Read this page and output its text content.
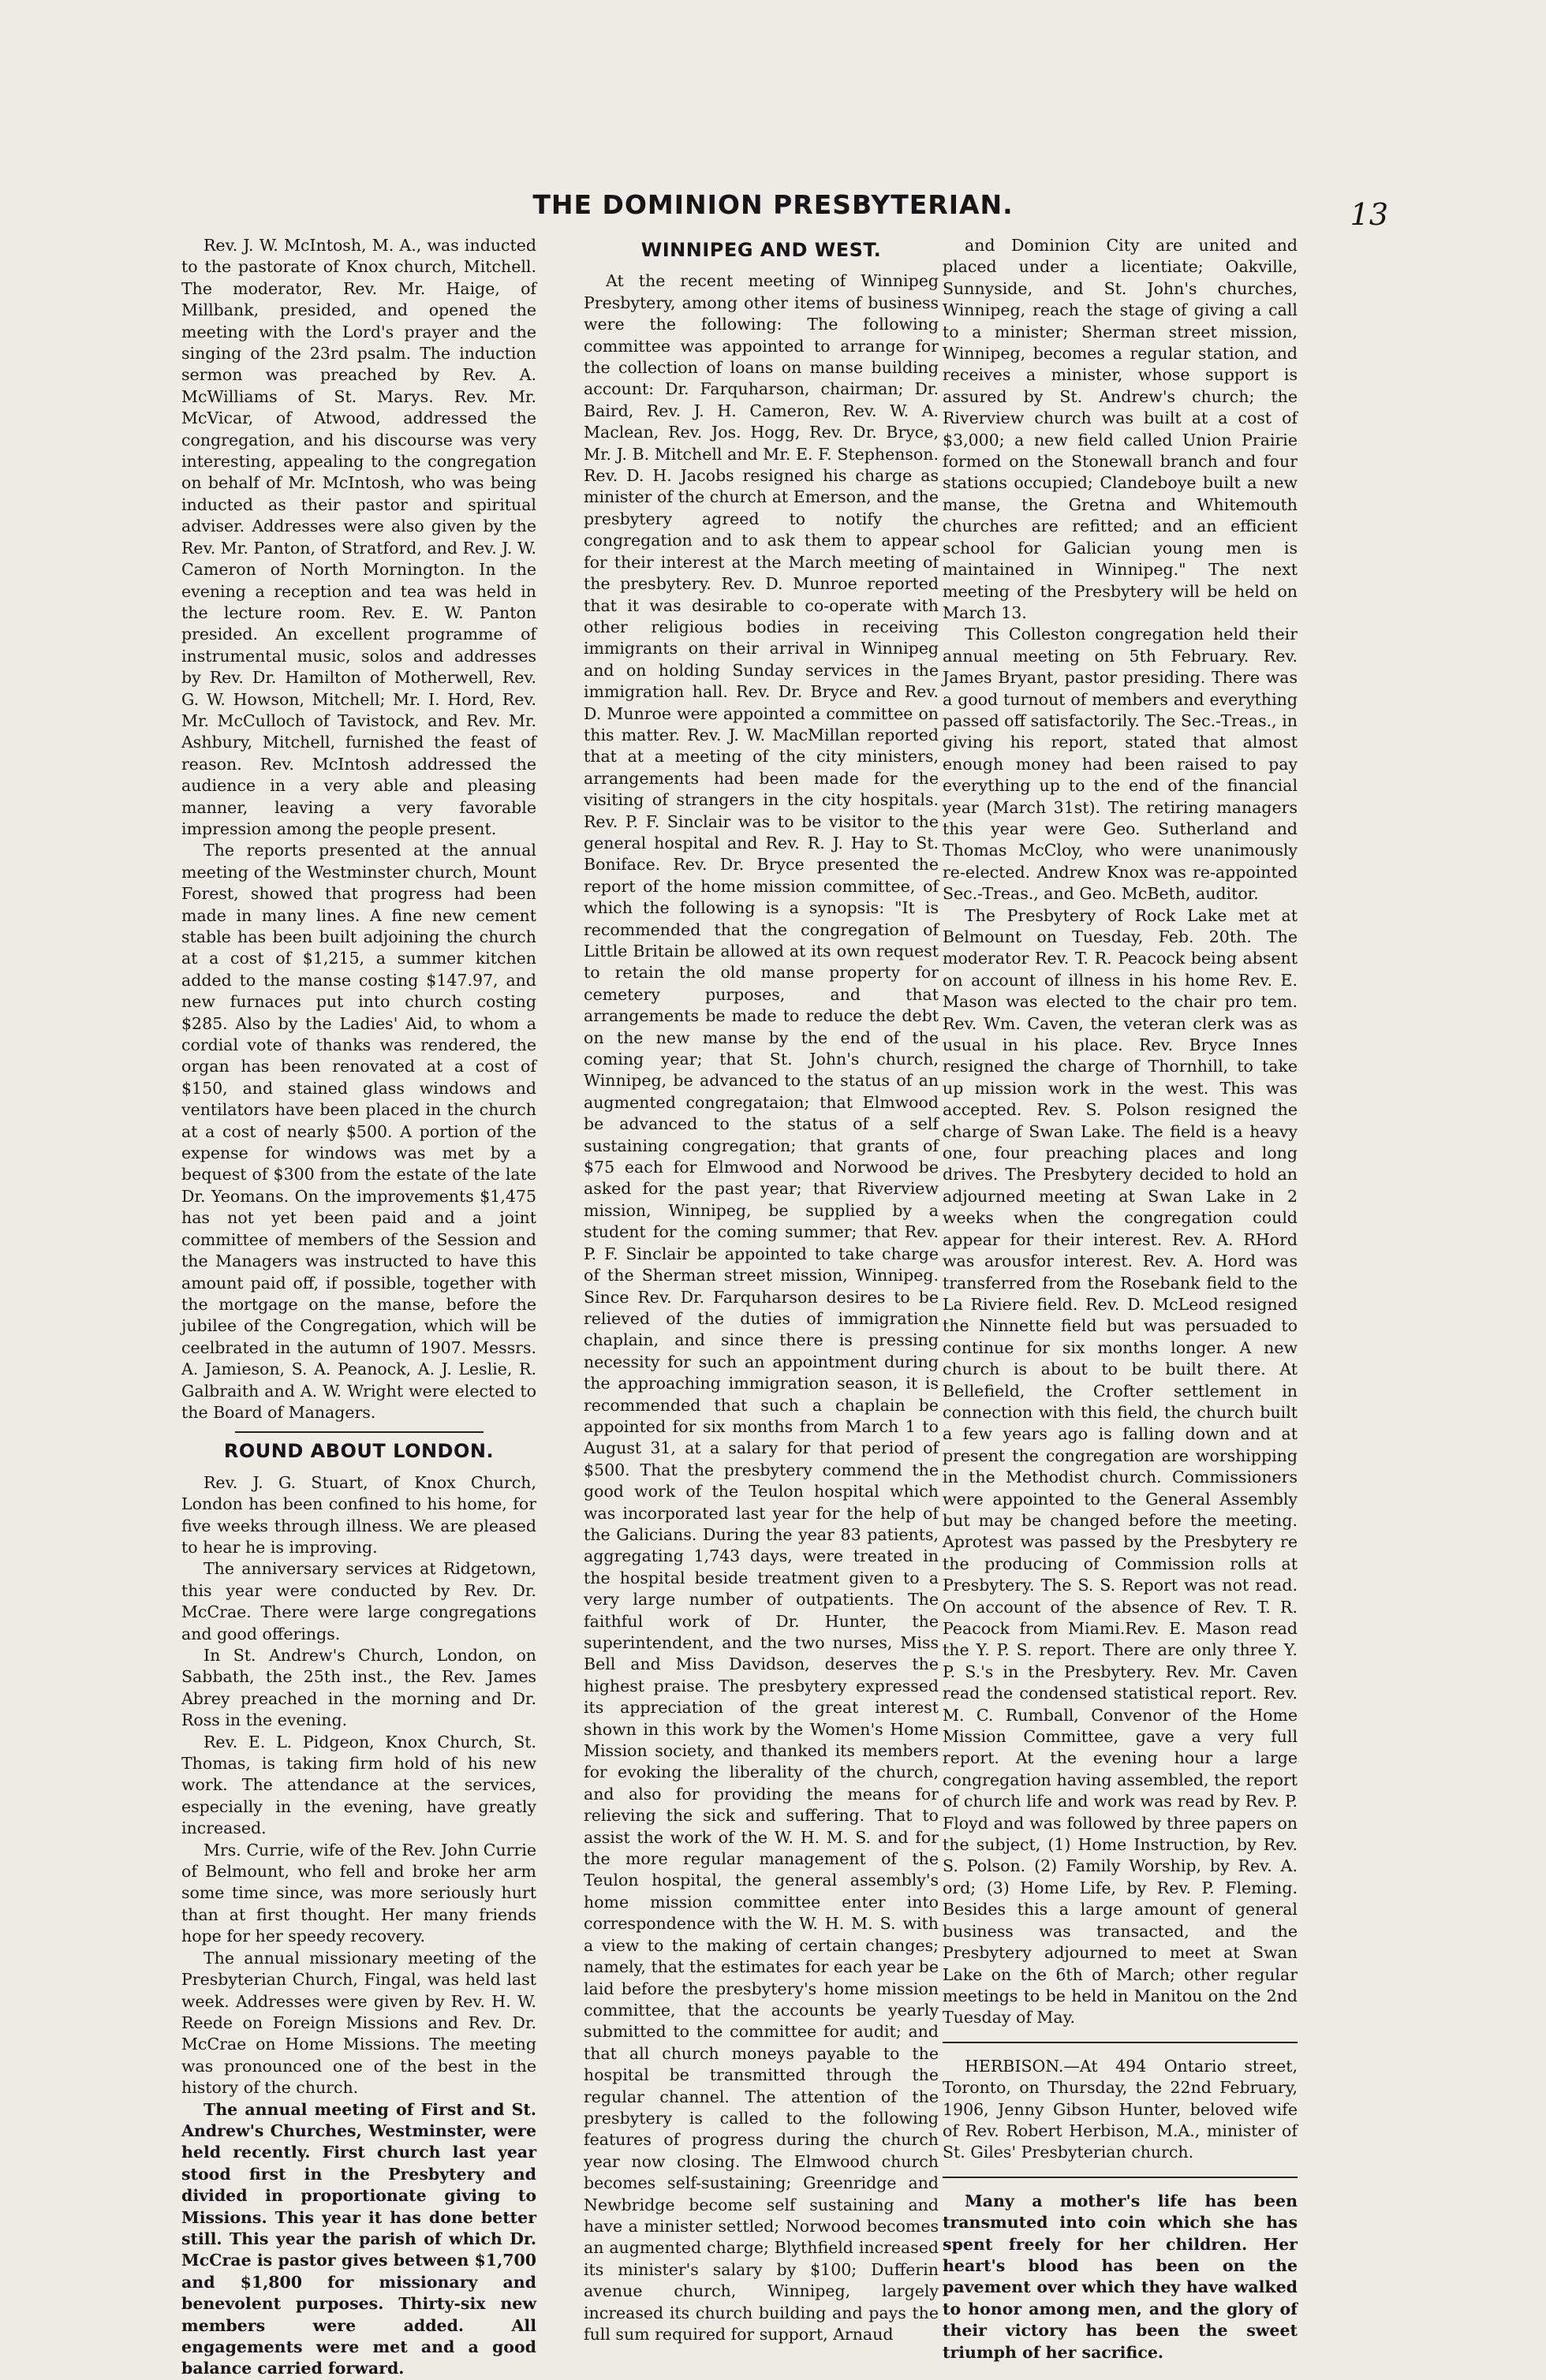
THE DOMINION PRESBYTERIAN.	13

Rev. J. W. McIntosh, M. A., was inducted to the pastorate of Knox church, Mitchell. The moderator, Rev. Mr. Haige, of Millbank, presided, and opened the meeting with the Lord's prayer and the singing of the 23rd psalm. The induction sermon was preached by Rev. A. McWilliams of St. Marys. Rev. Mr. McVicar, of Atwood, addressed the congregation, and his discourse was very interesting, appealing to the congregation on behalf of Mr. McIntosh, who was being inducted as their pastor and spiritual adviser. Addresses were also given by the Rev. Mr. Panton, of Stratford, and Rev. J. W. Cameron of North Mornington. In the evening a reception and tea was held in the lecture room. Rev. E. W. Panton presided. An excellent programme of instrumental music, solos and addresses by Rev. Dr. Hamilton of Motherwell, Rev. G. W. Howson, Mitchell; Mr. I. Hord, Rev. Mr. McCulloch of Tavistock, and Rev. Mr. Ashbury, Mitchell, furnished the feast of reason. Rev. McIntosh addressed the audience in a very able and pleasing manner, leaving a very favorable impression among the people present.

The reports presented at the annual meeting of the Westminster church, Mount Forest, showed that progress had been made in many lines. A fine new cement stable has been built adjoining the church at a cost of $1,215, a summer kitchen added to the manse costing $147.97, and new furnaces put into church costing $285. Also by the Ladies' Aid, to whom a cordial vote of thanks was rendered, the organ has been renovated at a cost of $150, and stained glass windows and ventilators have been placed in the church at a cost of nearly $500. A portion of the expense for windows was met by a bequest of $300 from the estate of the late Dr. Yeomans. On the improvements $1,475 has not yet been paid and a joint committee of members of the Session and the Managers was instructed to have this amount paid off, if possible, together with the mortgage on the manse, before the jubilee of the Congregation, which will be ceelbrated in the autumn of 1907. Messrs. A. Jamieson, S. A. Peanock, A. J. Leslie, R. Galbraith and A. W. Wright were elected to the Board of Managers.

ROUND ABOUT LONDON.

Rev. J. G. Stuart, of Knox Church, London has been confined to his home, for five weeks through illness. We are pleased to hear he is improving.

The anniversary services at Ridgetown, this year were conducted by Rev. Dr. McCrae. There were large congregations and good offerings.

In St. Andrew's Church, London, on Sabbath, the 25th inst., the Rev. James Abrey preached in the morning and Dr. Ross in the evening.

Rev. E. L. Pidgeon, Knox Church, St. Thomas, is taking firm hold of his new work. The attendance at the services, especially in the evening, have greatly increased.

Mrs. Currie, wife of the Rev. John Currie of Belmount, who fell and broke her arm some time since, was more seriously hurt than at first thought. Her many friends hope for her speedy recovery.

The annual missionary meeting of the Presbyterian Church, Fingal, was held last week. Addresses were given by Rev. H. W. Reede on Foreign Missions and Rev. Dr. McCrae on Home Missions. The meeting was pronounced one of the best in the history of the church.

The annual meeting of First and St. Andrew's Churches, Westminster, were held recently. First church last year stood first in the Presbytery and divided in proportionate giving to Missions. This year it has done better still. This year the parish of which Dr. McCrae is pastor gives between $1,700 and $1,800 for missionary and benevolent purposes. Thirty-six new members were added. All engagements were met and a good balance carried forward.

WINNIPEG AND WEST.

At the recent meeting of Winnipeg Presbytery, among other items of business were the following: The following committee was appointed to arrange for the collection of loans on manse building account: Dr. Farquharson, chairman; Dr. Baird, Rev. J. H. Cameron, Rev. W. A. Maclean, Rev. Jos. Hogg, Rev. Dr. Bryce, Mr. J. B. Mitchell and Mr. E. F. Stephenson. Rev. D. H. Jacobs resigned his charge as minister of the church at Emerson, and the presbytery agreed to notify the congregation and to ask them to appear for their interest at the March meeting of the presbytery. Rev. D. Munroe reported that it was desirable to co-operate with other religious bodies in receiving immigrants on their arrival in Winnipeg and on holding Sunday services in the immigration hall. Rev. Dr. Bryce and Rev. D. Munroe were appointed a committee on this matter. Rev. J. W. MacMillan reported that at a meeting of the city ministers, arrangements had been made for the visiting of strangers in the city hospitals. Rev. P. F. Sinclair was to be visitor to the general hospital and Rev. R. J. Hay to St. Boniface. Rev. Dr. Bryce presented the report of the home mission committee, of which the following is a synopsis: "It is recommended that the congregation of Little Britain be allowed at its own request to retain the old manse property for cemetery purposes, and that arrangements be made to reduce the debt on the new manse by the end of the coming year; that St. John's church, Winnipeg, be advanced to the status of an augmented congregataion; that Elmwood be advanced to the status of a self sustaining congregation; that grants of $75 each for Elmwood and Norwood be asked for the past year; that Riverview mission, Winnipeg, be supplied by a student for the coming summer; that Rev. P. F. Sinclair be appointed to take charge of the Sherman street mission, Winnipeg. Since Rev. Dr. Farquharson desires to be relieved of the duties of immigration chaplain, and since there is pressing necessity for such an appointment during the approaching immigration season, it is recommended that such a chaplain be appointed for six months from March 1 to August 31, at a salary for that period of $500. That the presbytery commend the good work of the Teulon hospital which was incorporated last year for the help of the Galicians. During the year 83 patients, aggregating 1,743 days, were treated in the hospital beside treatment given to a very large number of outpatients. The faithful work of Dr. Hunter, the superintendent, and the two nurses, Miss Bell and Miss Davidson, deserves the highest praise. The presbytery expressed its appreciation of the great interest shown in this work by the Women's Home Mission society, and thanked its members for evoking the liberality of the church, and also for providing the means for relieving the sick and suffering. That to assist the work of the W. H. M. S. and for the more regular management of the Teulon hospital, the general assembly's home mission committee enter into correspondence with the W. H. M. S. with a view to the making of certain changes; namely, that the estimates for each year be laid before the presbytery's home mission committee, that the accounts be yearly submitted to the committee for audit; and that all church moneys payable to the hospital be transmitted through the regular channel. The attention of the presbytery is called to the following features of progress during the church year now closing. The Elmwood church becomes self-sustaining; Greenridge and Newbridge become self sustaining and have a minister settled; Norwood becomes an augmented charge; Blythfield increased its minister's salary by $100; Dufferin avenue church, Winnipeg, largely increased its church building and pays the full sum required for support, Arnaud

and Dominion City are united and placed under a licentiate; Oakville, Sunnyside, and St. John's churches, Winnipeg, reach the stage of giving a call to a minister; Sherman street mission, Winnipeg, becomes a regular station, and receives a minister, whose support is assured by St. Andrew's church; the Riverview church was built at a cost of $3,000; a new field called Union Prairie formed on the Stonewall branch and four stations occupied; Clandeboye built a new manse, the Gretna and Whitemouth churches are refitted; and an efficient school for Galician young men is maintained in Winnipeg." The next meeting of the Presbytery will be held on March 13.

This Colleston congregation held their annual meeting on 5th February. Rev. James Bryant, pastor presiding. There was a good turnout of members and everything passed off satisfactorily. The Sec.-Treas., in giving his report, stated that almost enough money had been raised to pay everything up to the end of the financial year (March 31st). The retiring managers this year were Geo. Sutherland and Thomas McCloy, who were unanimously re-elected. Andrew Knox was re-appointed Sec.-Treas., and Geo. McBeth, auditor.

The Presbytery of Rock Lake met at Belmount on Tuesday, Feb. 20th. The moderator Rev. T. R. Peacock being absent on account of illness in his home Rev. E. Mason was elected to the chair pro tem. Rev. Wm. Caven, the veteran clerk was as usual in his place. Rev. Bryce Innes resigned the charge of Thornhill, to take up mission work in the west. This was accepted. Rev. S. Polson resigned the charge of Swan Lake. The field is a heavy one, four preaching places and long drives. The Presbytery decided to hold an adjourned meeting at Swan Lake in 2 weeks when the congregation could appear for their interest. Rev. A. RHord was arousfor interest. Rev. A. Hord was transferred from the Rosebank field to the La Riviere field. Rev. D. McLeod resigned the Ninnette field but was persuaded to continue for six months longer. A new church is about to be built there. At Bellefield, the Crofter settlement in connection with this field, the church built a few years ago is falling down and at present the congregation are worshipping in the Methodist church. Commissioners were appointed to the General Assembly but may be changed before the meeting. Aprotest was passed by the Presbytery re the producing of Commission rolls at Presbytery. The S. S. Report was not read. On account of the absence of Rev. T. R. Peacock from Miami.Rev. E. Mason read the Y. P. S. report. There are only three Y. P. S.'s in the Presbytery. Rev. Mr. Caven read the condensed statistical report. Rev. M. C. Rumball, Convenor of the Home Mission Committee, gave a very full report. At the evening hour a large congregation having assembled, the report of church life and work was read by Rev. P. Floyd and was followed by three papers on the subject, (1) Home Instruction, by Rev. S. Polson. (2) Family Worship, by Rev. A. ord; (3) Home Life, by Rev. P. Fleming. Besides this a large amount of general business was transacted, and the Presbytery adjourned to meet at Swan Lake on the 6th of March; other regular meetings to be held in Manitou on the 2nd Tuesday of May.

HERBISON.—At 494 Ontario street, Toronto, on Thursday, the 22nd February, 1906, Jenny Gibson Hunter, beloved wife of Rev. Robert Herbison, M.A., minister of St. Giles' Presbyterian church.

Many a mother's life has been transmuted into coin which she has spent freely for her children. Her heart's blood has been on the pavement over which they have walked to honor among men, and the glory of their victory has been the sweet triumph of her sacrifice.
